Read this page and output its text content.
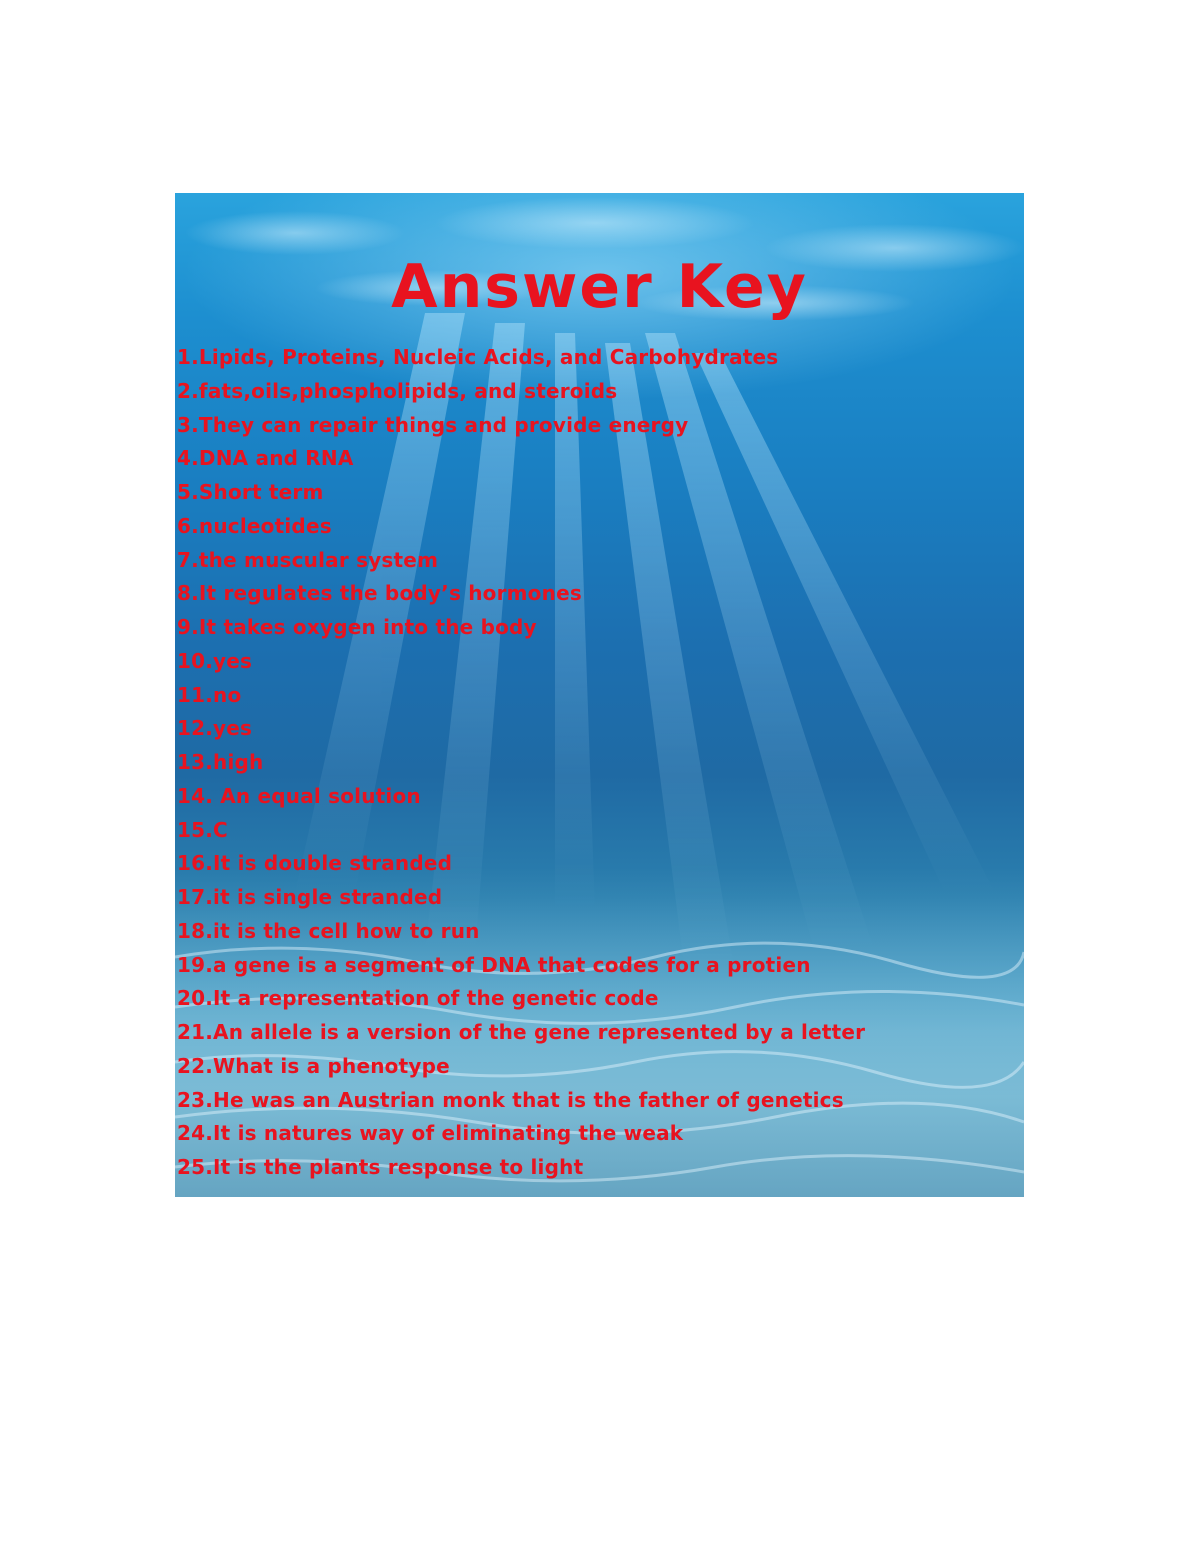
Answer Key
1.Lipids, Proteins, Nucleic Acids, and Carbohydrates
2.fats,oils,phospholipids, and steroids
3.They can repair things and provide energy
4.DNA and RNA
5.Short term
6.nucleotides
7.the muscular system
8.It regulates the body’s hormones
9.It takes oxygen into the body
10.yes
11.no
12.yes
13.high
14. An equal solution
15.C
16.It is double stranded
17.it is single stranded
18.it is the cell how to run
19.a gene is a segment of DNA that codes for a protien
20.It a representation of the genetic code
21.An allele is a version of the gene represented by a letter
22.What is a phenotype
23.He was an Austrian monk that is the father of genetics
24.It is natures way of eliminating the weak
25.It is the plants response to light
